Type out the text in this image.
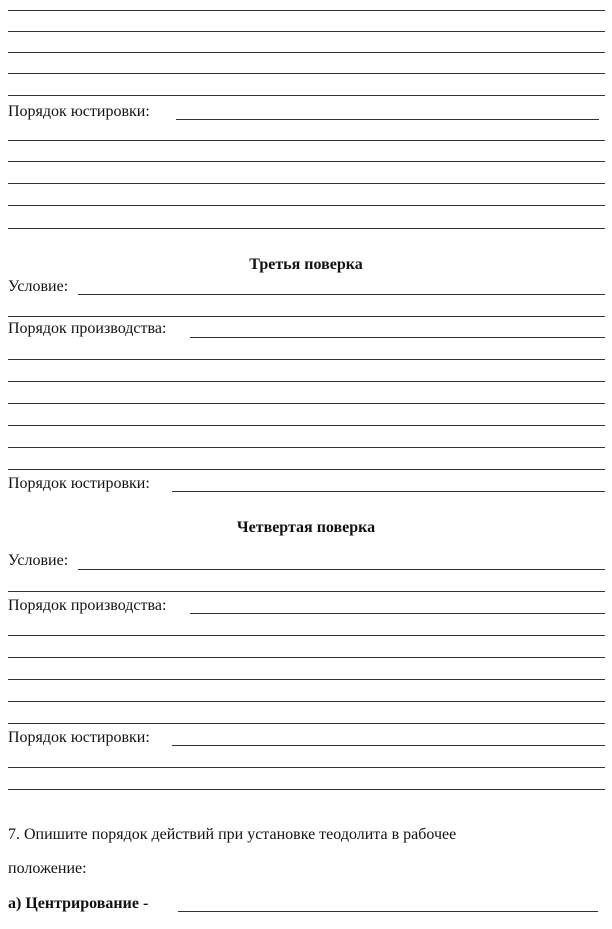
Порядок юстировки:
Третья поверка
Условие:
Порядок производства:
Порядок юстировки:
Четвертая поверка
Условие:
Порядок производства:
Порядок юстировки:
7. Опишите порядок действий при установке теодолита в рабочее
положение:
а) Центрирование -
